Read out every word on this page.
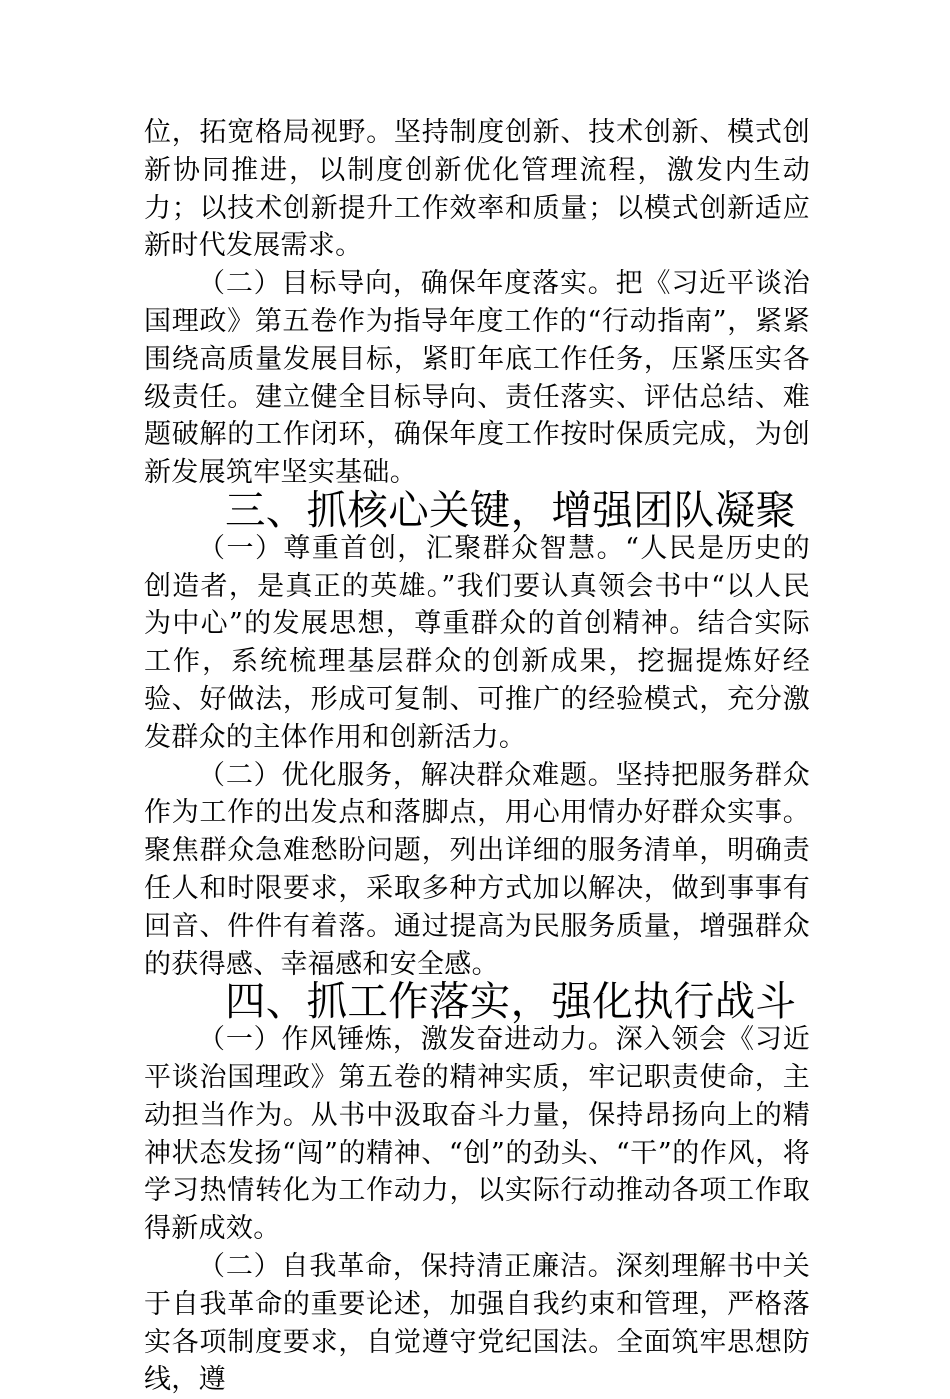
位，拓宽格局视野。坚持制度创新、技术创新、模式创新协同推进，以制度创新优化管理流程，激发内生动力；以技术创新提升工作效率和质量；以模式创新适应新时代发展需求。

（二）目标导向，确保年度落实。把《习近平谈治国理政》第五卷作为指导年度工作的“行动指南”，紧紧围绕高质量发展目标，紧盯年底工作任务，压紧压实各级责任。建立健全目标导向、责任落实、评估总结、难题破解的工作闭环，确保年度工作按时保质完成，为创新发展筑牢坚实基础。

三、抓核心关键，增强团队凝聚

（一）尊重首创，汇聚群众智慧。“人民是历史的创造者，是真正的英雄。”我们要认真领会书中“以人民为中心”的发展思想，尊重群众的首创精神。结合实际工作，系统梳理基层群众的创新成果，挖掘提炼好经验、好做法，形成可复制、可推广的经验模式，充分激发群众的主体作用和创新活力。

（二）优化服务，解决群众难题。坚持把服务群众作为工作的出发点和落脚点，用心用情办好群众实事。聚焦群众急难愁盼问题，列出详细的服务清单，明确责任人和时限要求，采取多种方式加以解决，做到事事有回音、件件有着落。通过提高为民服务质量，增强群众的获得感、幸福感和安全感。

四、抓工作落实，强化执行战斗

（一）作风锤炼，激发奋进动力。深入领会《习近平谈治国理政》第五卷的精神实质，牢记职责使命，主动担当作为。从书中汲取奋斗力量，保持昂扬向上的精神状态发扬“闯”的精神、“创”的劲头、“干”的作风，将学习热情转化为工作动力，以实际行动推动各项工作取得新成效。

（二）自我革命，保持清正廉洁。深刻理解书中关于自我革命的重要论述，加强自我约束和管理，严格落实各项制度要求，自觉遵守党纪国法。全面筑牢思想防线，遵
